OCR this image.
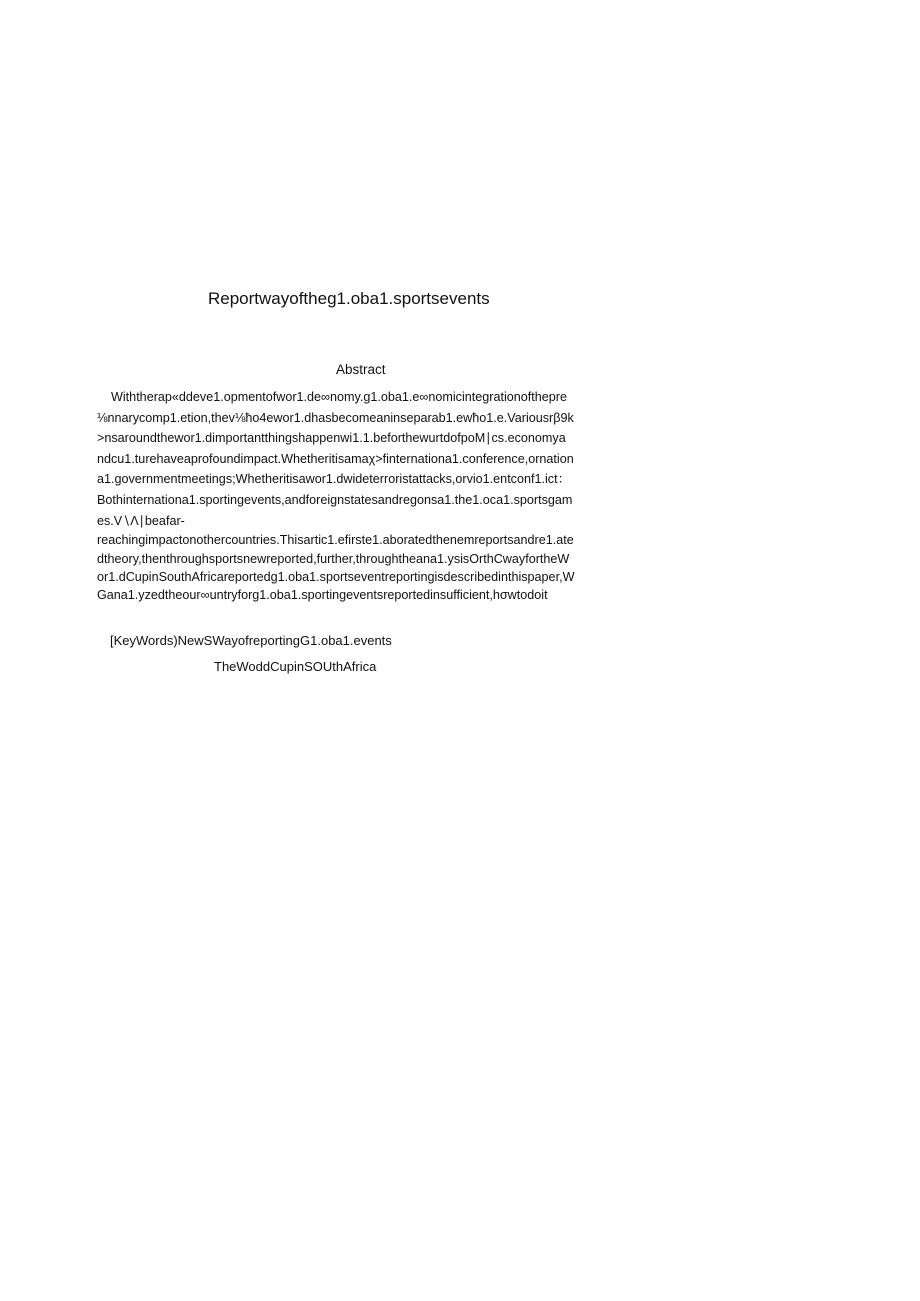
Reportwayoftheg1.oba1.sportsevents
Abstract
Withtherap«ddeve1.opmentofwor1.de∞nomy.g1.oba1.e∞nomicintegrationofthepre
⅛nnarycomp1.etion,thev⅛ħo4ewor1.dhasbecomeaninseparab1.ewħo1.e.Variousrβ9k
>nsaroundthewor1.dimportantthingshappenwi1.1.beforthewurtdofpoM∣cs.economya
ndcu1.turehaveaprofoundimpact.Whetheritisamaχ>finternationa1.conference,ornation
a1.governmentmeetings;Whetheritisawor1.dwideterroristattacks,orvio1.entconf1.ict：
Bothinternationa1.sportingevents,andforeignstatesandregonsa1.the1.oca1.sportsgam
es.V∖Λ∣beafar-
reachingimpactonothercountries.Thisartic1.efirste1.aboratedthenemreportsandre1.ate
dtheory,thenthroughsportsnewreported,further,throughtheana1.ysisOrthCwayfortheW
or1.dCupinSouthAfricareportedg1.oba1.sportseventreportingisdescribedinthispaper,W
Gana1.yzedtheour∞untryforg1.oba1.sportingeventsreportedinsufficient,hσwtodoit
[KeyWords)NewSWayofreportingG1.oba1.events
TheWoddCupinSOUthAfrica
